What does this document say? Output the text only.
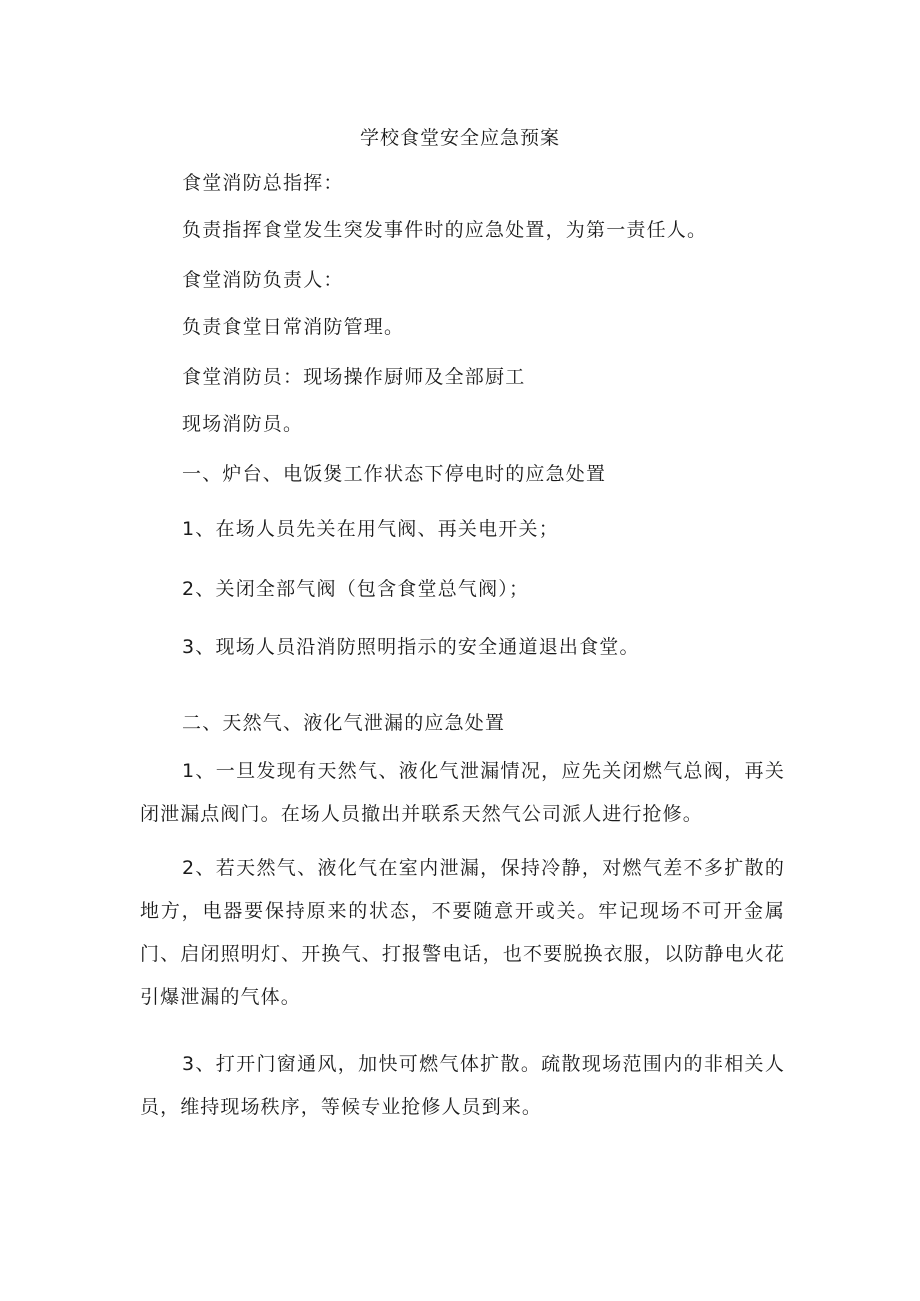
学校食堂安全应急预案
食堂消防总指挥：
负责指挥食堂发生突发事件时的应急处置，为第一责任人。
食堂消防负责人：
负责食堂日常消防管理。
食堂消防员：现场操作厨师及全部厨工
现场消防员。
一、炉台、电饭煲工作状态下停电时的应急处置
1、在场人员先关在用气阀、再关电开关；
2、关闭全部气阀（包含食堂总气阀）；
3、现场人员沿消防照明指示的安全通道退出食堂。
二、天然气、液化气泄漏的应急处置
1、一旦发现有天然气、液化气泄漏情况，应先关闭燃气总阀，再关闭泄漏点阀门。在场人员撤出并联系天然气公司派人进行抢修。
2、若天然气、液化气在室内泄漏，保持冷静，对燃气差不多扩散的地方，电器要保持原来的状态，不要随意开或关。牢记现场不可开金属门、启闭照明灯、开换气、打报警电话，也不要脱换衣服，以防静电火花引爆泄漏的气体。
3、打开门窗通风，加快可燃气体扩散。疏散现场范围内的非相关人员，维持现场秩序，等候专业抢修人员到来。
